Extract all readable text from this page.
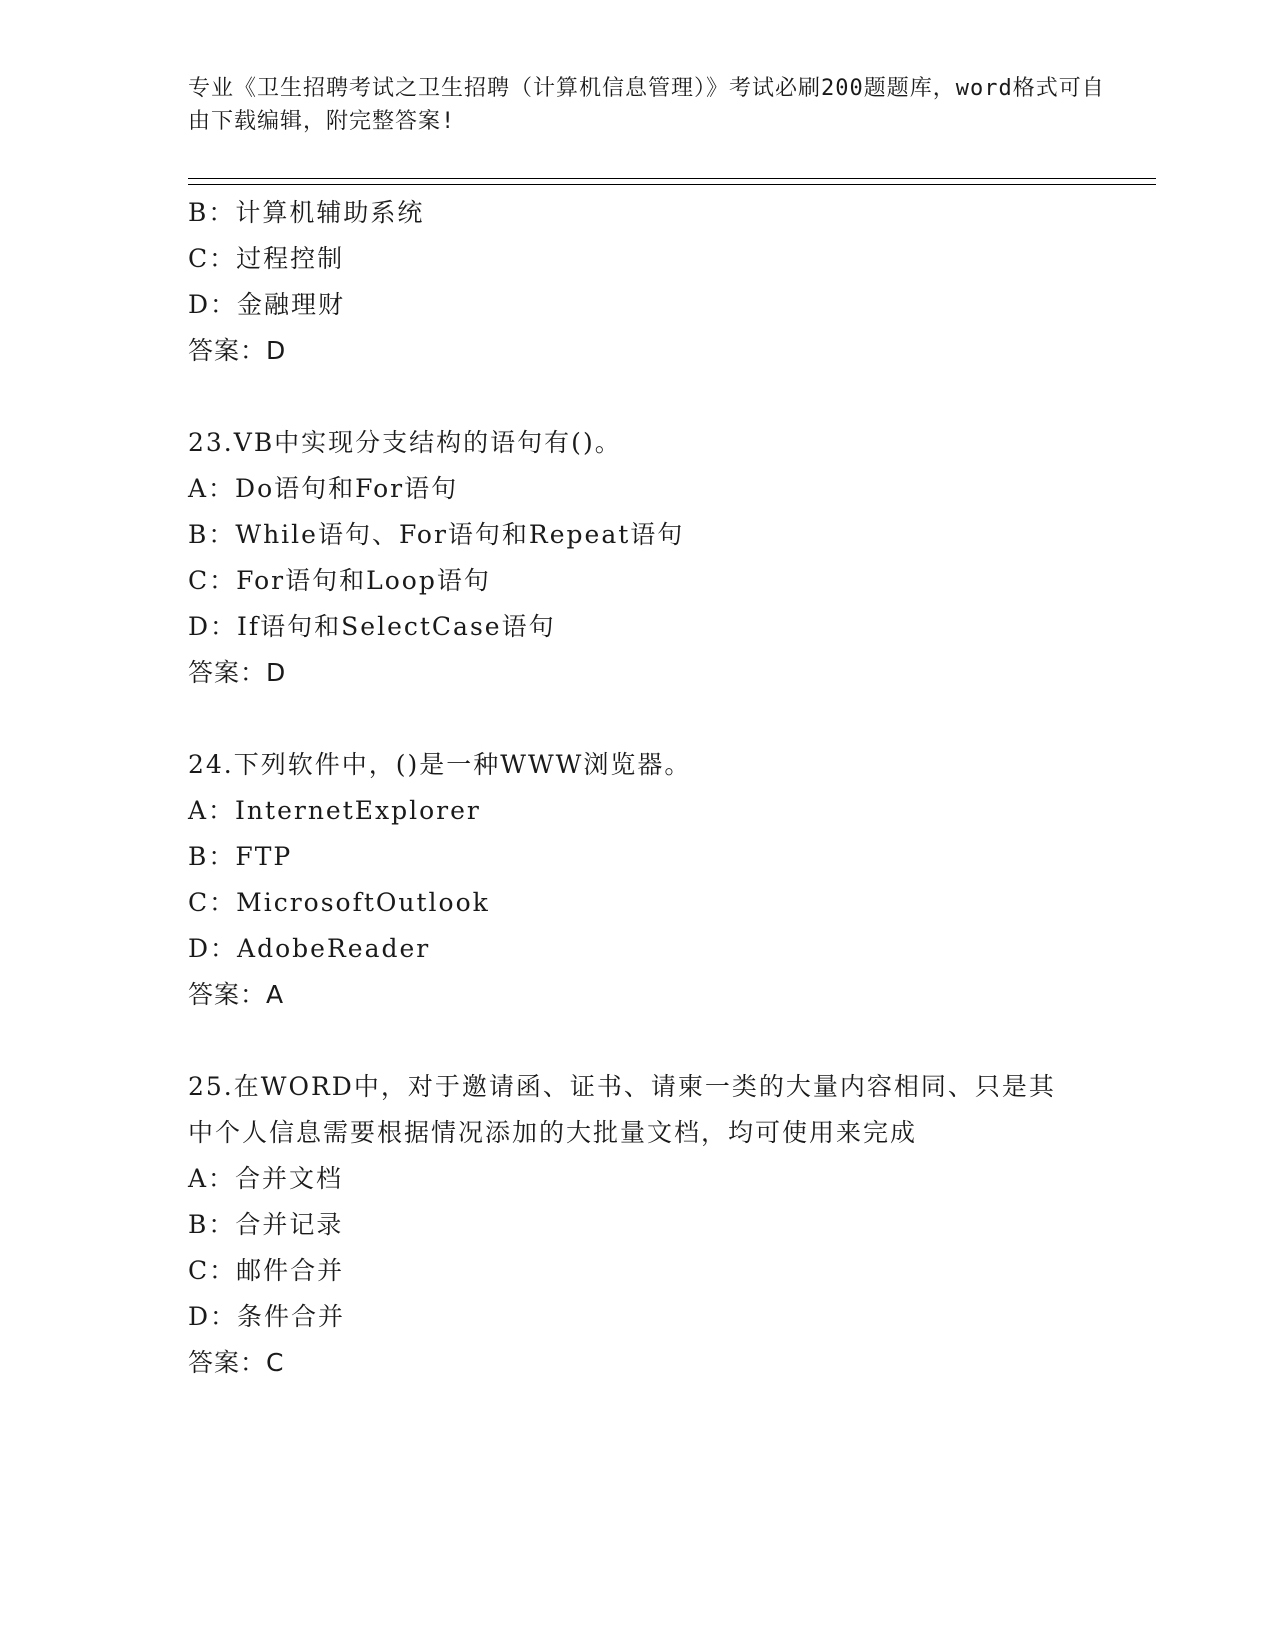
专业《卫生招聘考试之卫生招聘（计算机信息管理）》考试必刷200题题库，word格式可自由下载编辑，附完整答案!
B：计算机辅助系统
C：过程控制
D：金融理财
答案：D
23.VB中实现分支结构的语句有()。
A：Do语句和For语句
B：While语句、For语句和Repeat语句
C：For语句和Loop语句
D：If语句和SelectCase语句
答案：D
24.下列软件中，()是一种WWW浏览器。
A：InternetExplorer
B：FTP
C：MicrosoftOutlook
D：AdobeReader
答案：A
25.在WORD中，对于邀请函、证书、请柬一类的大量内容相同、只是其中个人信息需要根据情况添加的大批量文档，均可使用来完成
A：合并文档
B：合并记录
C：邮件合并
D：条件合并
答案：C
